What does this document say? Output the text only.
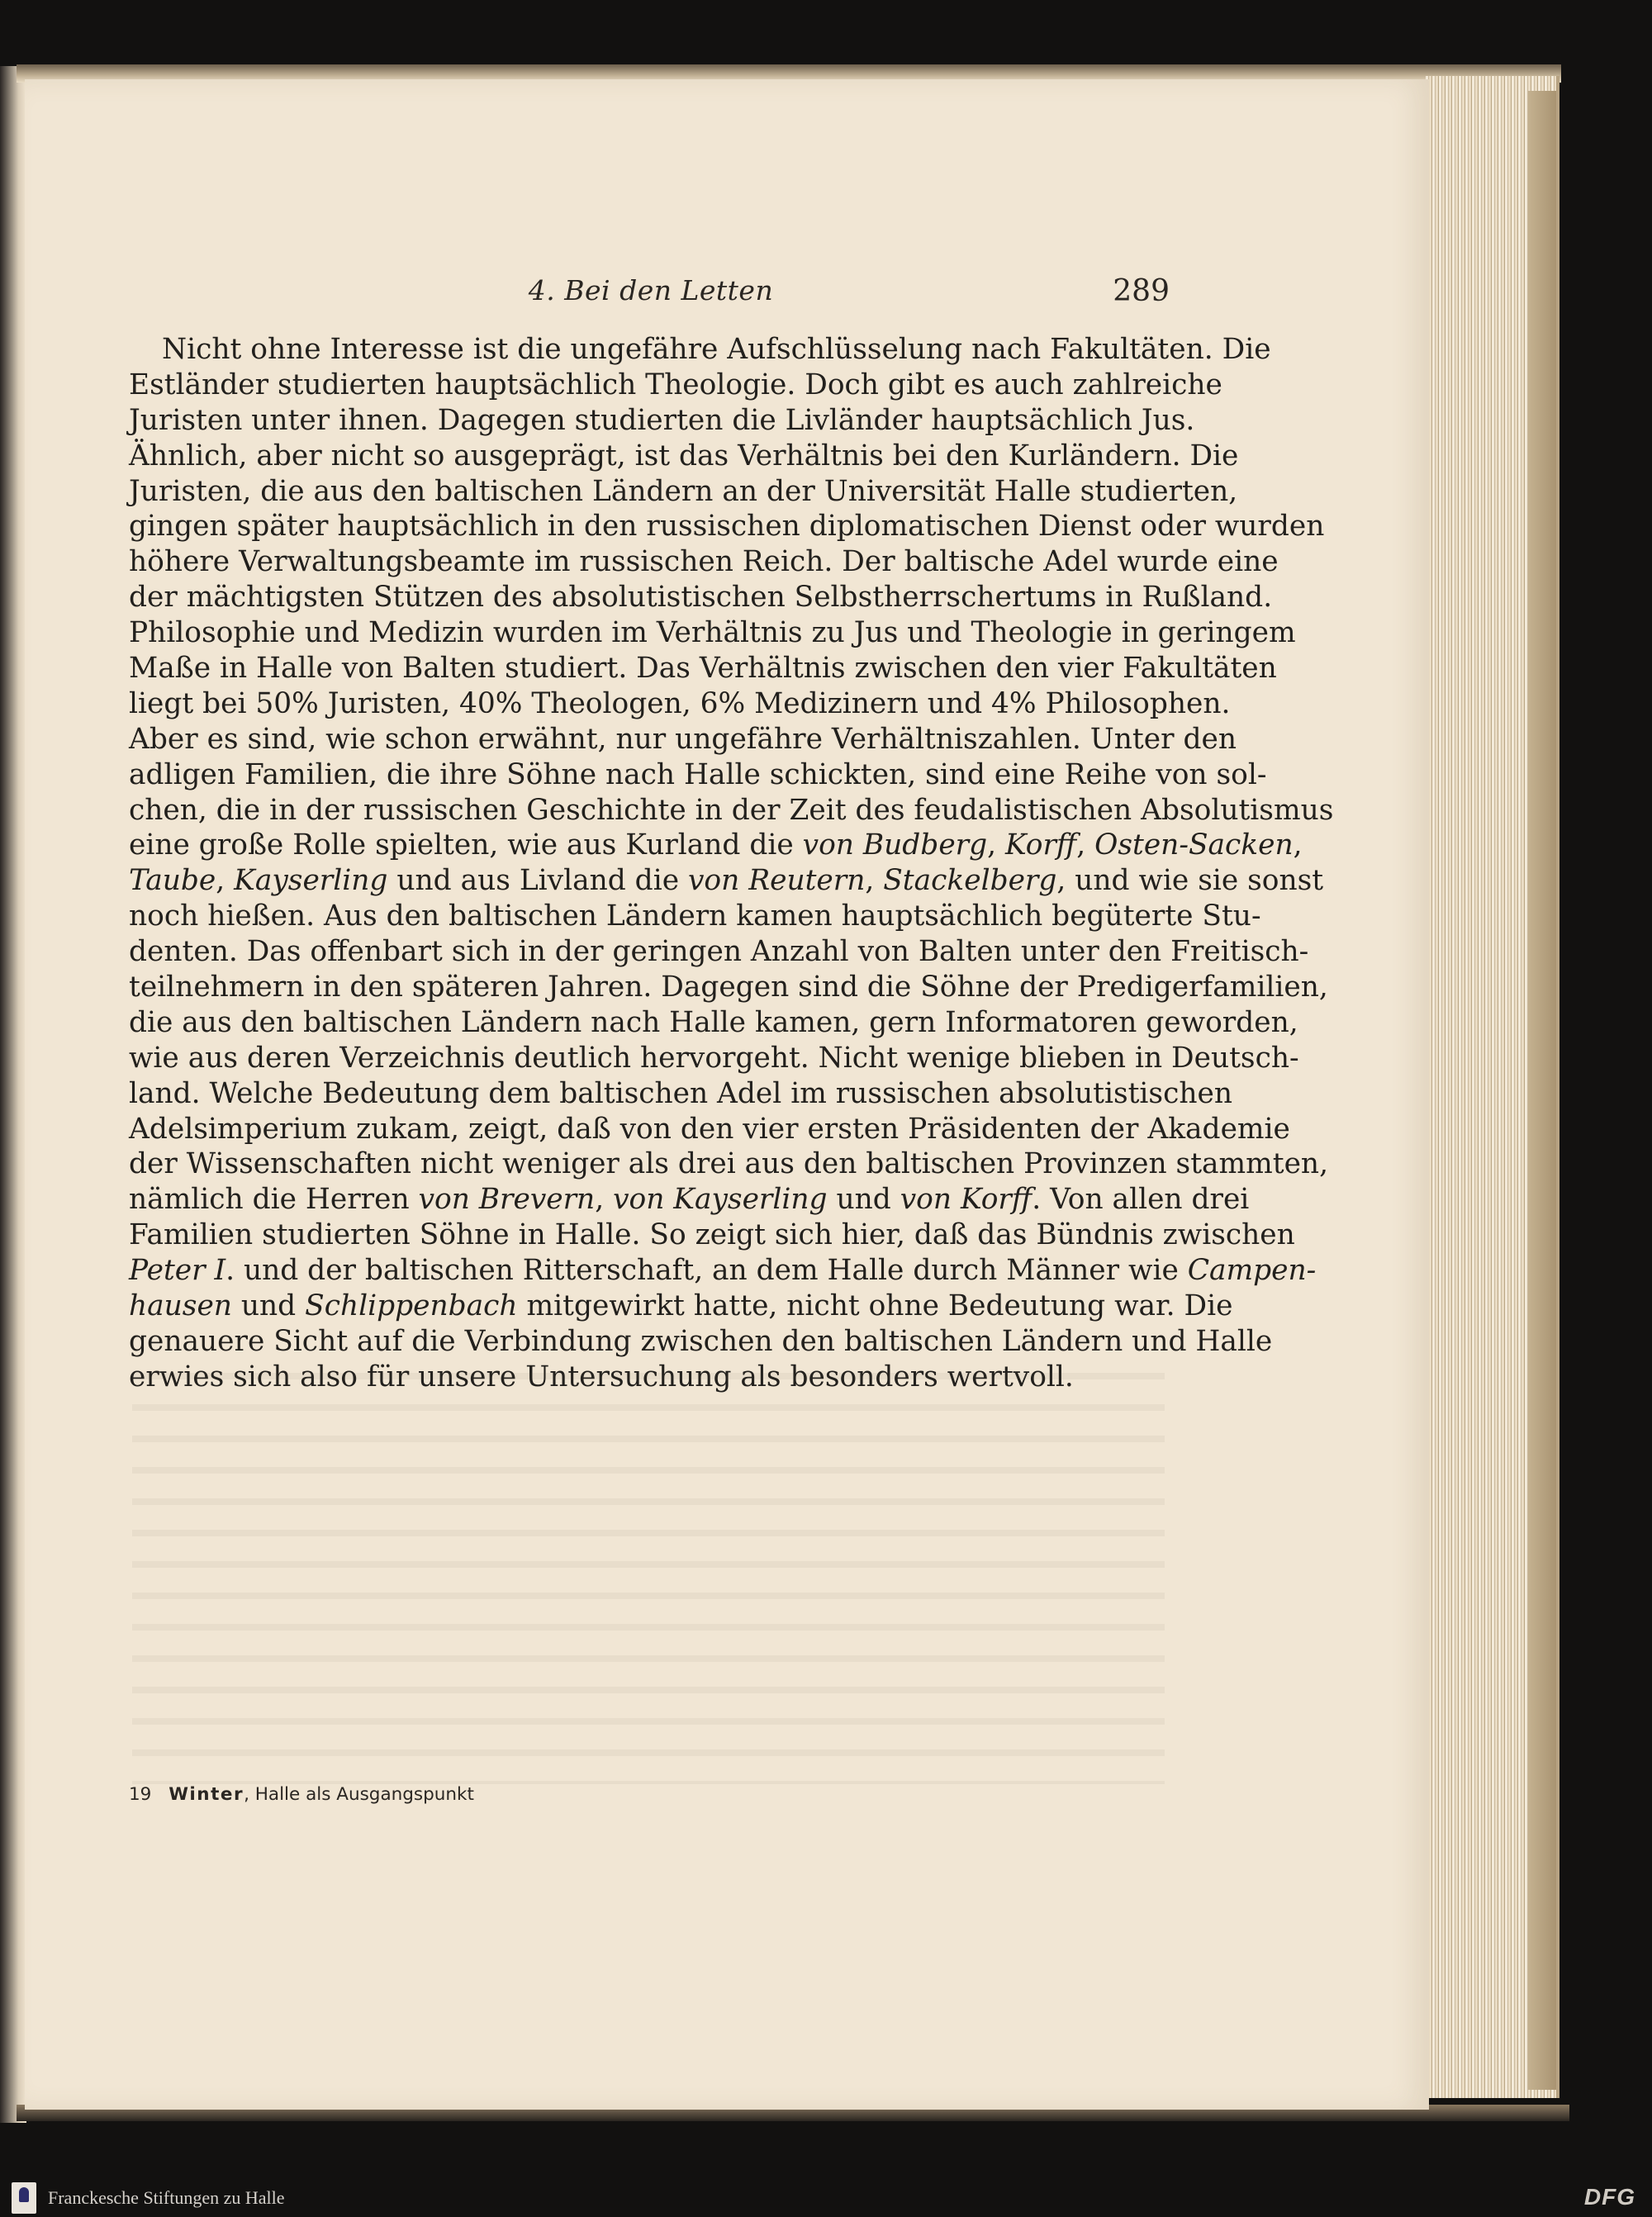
4. Bei den Letten	289
Nicht ohne Interesse ist die ungefähre Aufschlüsselung nach Fakultäten. Die
Estländer studierten hauptsächlich Theologie. Doch gibt es auch zahlreiche
Juristen unter ihnen. Dagegen studierten die Livländer hauptsächlich Jus.
Ähnlich, aber nicht so ausgeprägt, ist das Verhältnis bei den Kurländern. Die
Juristen, die aus den baltischen Ländern an der Universität Halle studierten,
gingen später hauptsächlich in den russischen diplomatischen Dienst oder wurden
höhere Verwaltungsbeamte im russischen Reich. Der baltische Adel wurde eine
der mächtigsten Stützen des absolutistischen Selbstherrschertums in Rußland.
Philosophie und Medizin wurden im Verhältnis zu Jus und Theologie in geringem
Maße in Halle von Balten studiert. Das Verhältnis zwischen den vier Fakultäten
liegt bei 50% Juristen, 40% Theologen, 6% Medizinern und 4% Philosophen.
Aber es sind, wie schon erwähnt, nur ungefähre Verhältniszahlen. Unter den
adligen Familien, die ihre Söhne nach Halle schickten, sind eine Reihe von sol-
chen, die in der russischen Geschichte in der Zeit des feudalistischen Absolutismus
eine große Rolle spielten, wie aus Kurland die von Budberg, Korff, Osten-Sacken,
Taube, Kayserling und aus Livland die von Reutern, Stackelberg, und wie sie sonst
noch hießen. Aus den baltischen Ländern kamen hauptsächlich begüterte Stu-
denten. Das offenbart sich in der geringen Anzahl von Balten unter den Freitisch-
teilnehmern in den späteren Jahren. Dagegen sind die Söhne der Predigerfamilien,
die aus den baltischen Ländern nach Halle kamen, gern Informatoren geworden,
wie aus deren Verzeichnis deutlich hervorgeht. Nicht wenige blieben in Deutsch-
land. Welche Bedeutung dem baltischen Adel im russischen absolutistischen
Adelsimperium zukam, zeigt, daß von den vier ersten Präsidenten der Akademie
der Wissenschaften nicht weniger als drei aus den baltischen Provinzen stammten,
nämlich die Herren von Brevern, von Kayserling und von Korff. Von allen drei
Familien studierten Söhne in Halle. So zeigt sich hier, daß das Bündnis zwischen
Peter I. und der baltischen Ritterschaft, an dem Halle durch Männer wie Campen-
hausen und Schlippenbach mitgewirkt hatte, nicht ohne Bedeutung war. Die
genauere Sicht auf die Verbindung zwischen den baltischen Ländern und Halle
erwies sich also für unsere Untersuchung als besonders wertvoll.
19 Winter, Halle als Ausgangspunkt
Franckesche Stiftungen zu Halle	DFG
